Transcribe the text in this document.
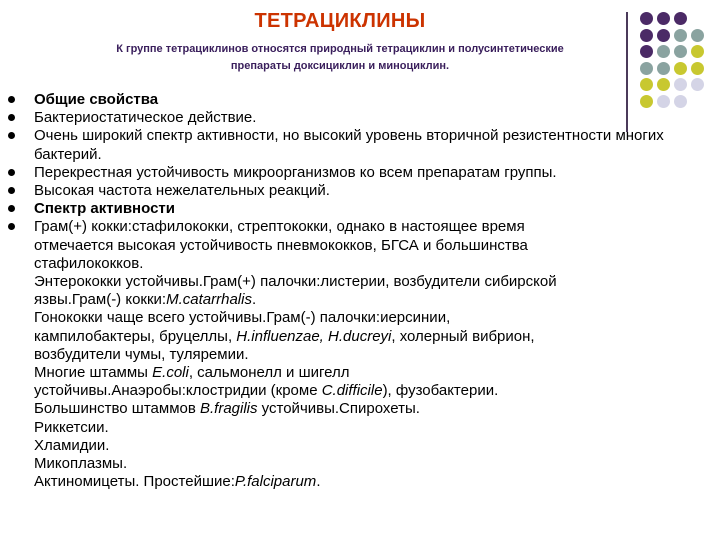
ТЕТРАЦИКЛИНЫ
К группе тетрациклинов относятся природный тетрациклин и полусинтетические
препараты доксициклин и миноциклин.
Общие свойства
Бактериостатическое действие.
Очень широкий спектр активности, но высокий уровень вторичной резистентности многих бактерий.
Перекрестная устойчивость микроорганизмов ко всем препаратам группы.
Высокая частота нежелательных реакций.
Спектр активности
Грам(+) кокки:стафилококки, стрептококки, однако в настоящее время
отмечается высокая устойчивость пневмококков, БГСА и большинства
стафилококков.
Энтерококки устойчивы.Грам(+) палочки:листерии, возбудители сибирской
язвы.Грам(-) кокки:M.catarrhalis.
Гонококки чаще всего устойчивы.Грам(-) палочки:иерсинии,
кампилобактеры, бруцеллы, H.influenzae, H.ducreyi, холерный вибрион,
возбудители чумы, туляремии.
Многие штаммы E.coli, сальмонелл и шигелл
устойчивы.Анаэробы:клостридии (кроме C.difficile), фузобактерии.
Большинство штаммов B.fragilis устойчивы.Спирохеты.
Риккетсии.
Хламидии.
Микоплазмы.
Актиномицеты. Простейшие:P.falciparum.
